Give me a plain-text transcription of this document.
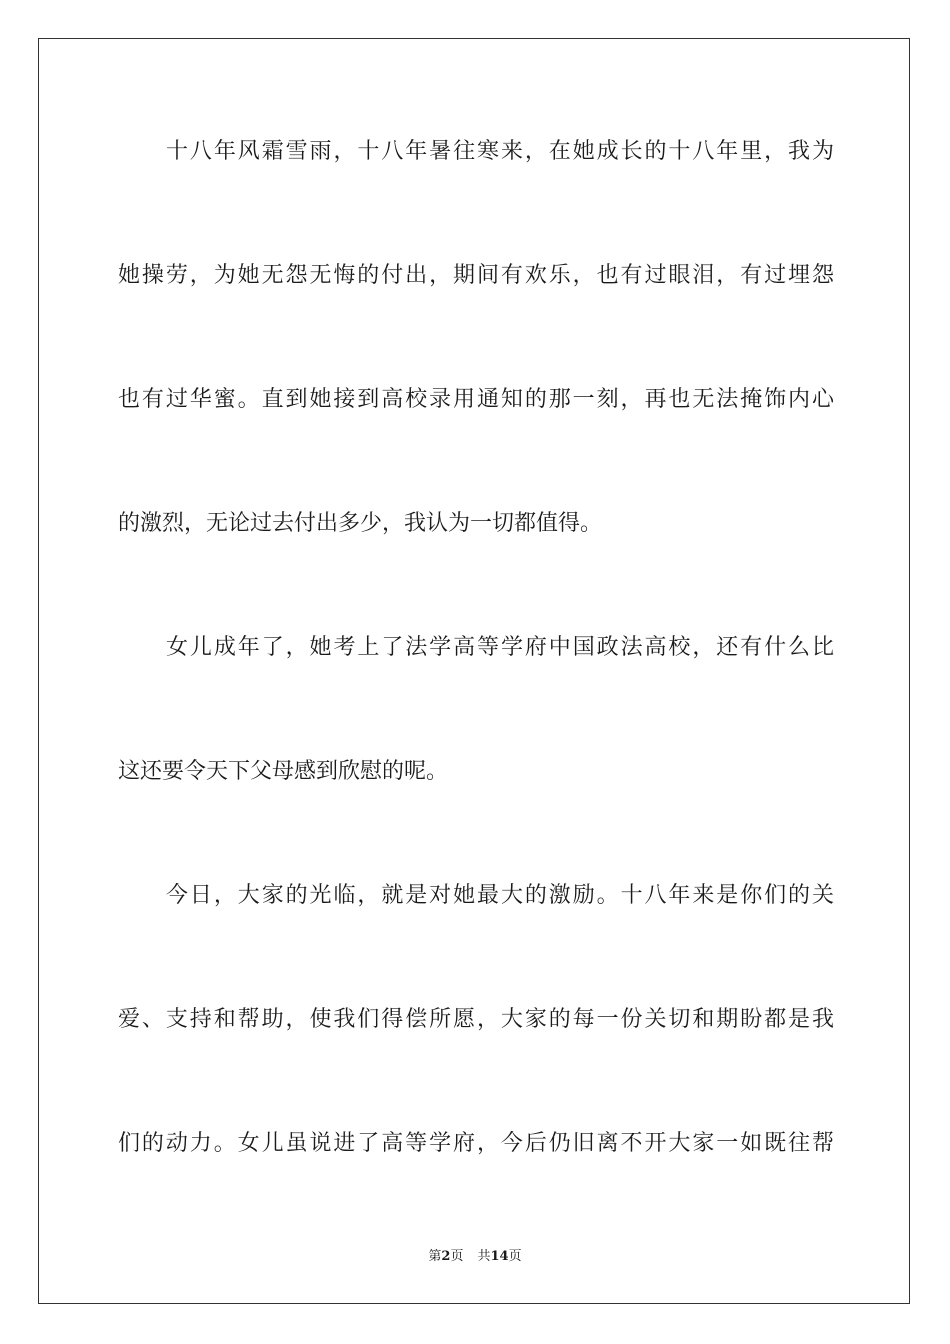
十八年风霜雪雨，十八年暑往寒来，在她成长的十八年里，我为
她操劳，为她无怨无悔的付出，期间有欢乐，也有过眼泪，有过埋怨
也有过华蜜。直到她接到高校录用通知的那一刻，再也无法掩饰内心
的激烈，无论过去付出多少，我认为一切都值得。
女儿成年了，她考上了法学高等学府中国政法高校，还有什么比
这还要令天下父母感到欣慰的呢。
今日，大家的光临，就是对她最大的激励。十八年来是你们的关
爱、支持和帮助，使我们得偿所愿，大家的每一份关切和期盼都是我
们的动力。女儿虽说进了高等学府，今后仍旧离不开大家一如既往帮
第2页 共14页
